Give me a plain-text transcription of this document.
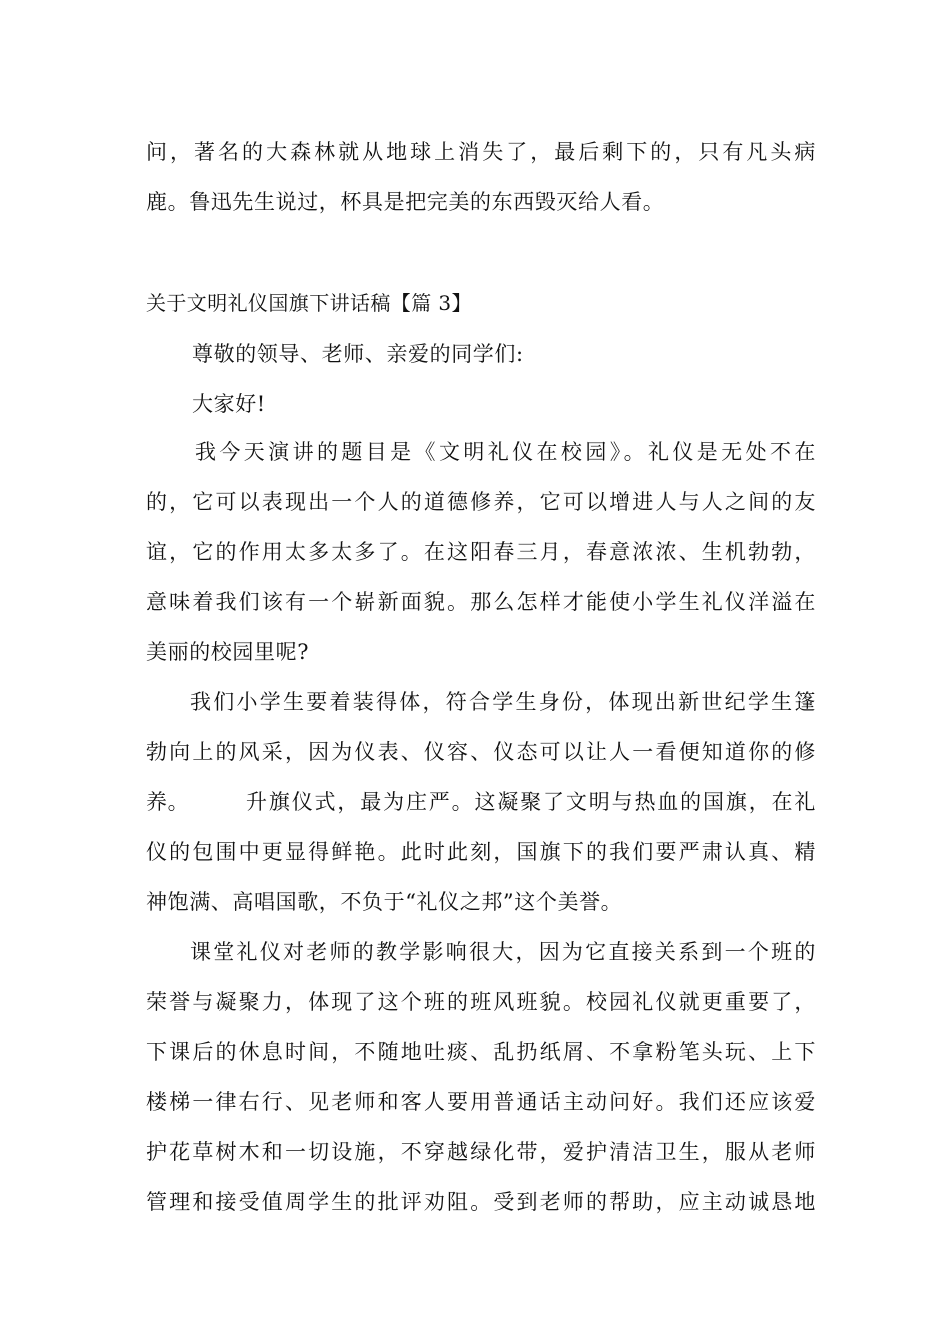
问，著名的大森林就从地球上消失了，最后剩下的，只有凡头病
鹿。鲁迅先生说过，杯具是把完美的东西毁灭给人看。
关于文明礼仪国旗下讲话稿【篇 3】
尊敬的领导、老师、亲爱的同学们:
大家好!
我今天演讲的题目是《文明礼仪在校园》。礼仪是无处不在
的，它可以表现出一个人的道德修养，它可以增进人与人之间的友
谊，它的作用太多太多了。在这阳春三月，春意浓浓、生机勃勃，
意味着我们该有一个崭新面貌。那么怎样才能使小学生礼仪洋溢在
美丽的校园里呢?
我们小学生要着装得体，符合学生身份，体现出新世纪学生篷
勃向上的风采，因为仪表、仪容、仪态可以让人一看便知道你的修
养。	升旗仪式，最为庄严。这凝聚了文明与热血的国旗，在礼
仪的包围中更显得鲜艳。此时此刻，国旗下的我们要严肃认真、精
神饱满、高唱国歌，不负于“礼仪之邦”这个美誉。
课堂礼仪对老师的教学影响很大，因为它直接关系到一个班的
荣誉与凝聚力，体现了这个班的班风班貌。校园礼仪就更重要了，
下课后的休息时间，不随地吐痰、乱扔纸屑、不拿粉笔头玩、上下
楼梯一律右行、见老师和客人要用普通话主动问好。我们还应该爱
护花草树木和一切设施，不穿越绿化带，爱护清洁卫生，服从老师
管理和接受值周学生的批评劝阻。受到老师的帮助，应主动诚恳地
